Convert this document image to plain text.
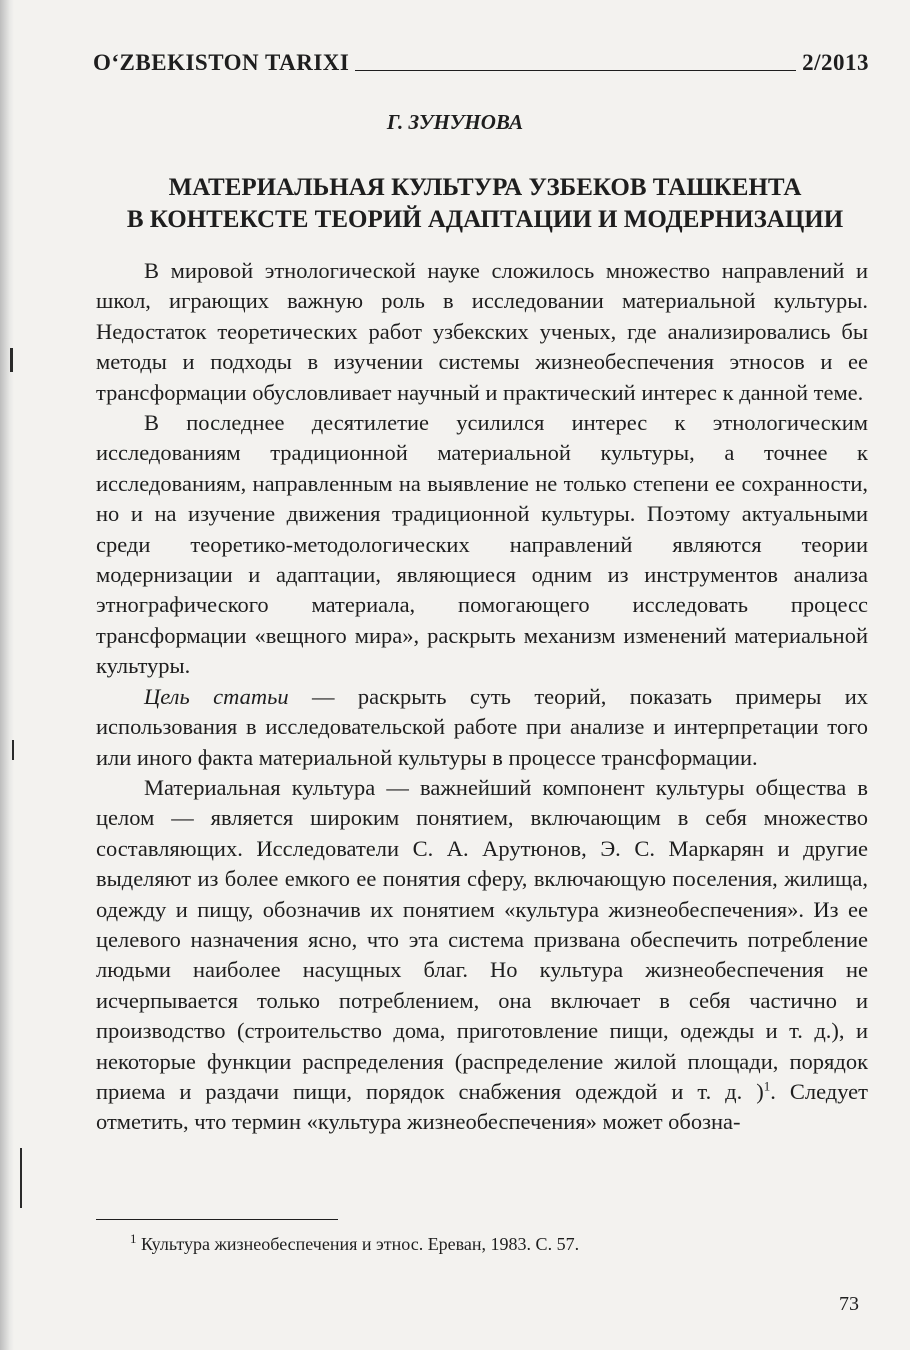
O‘ZBEKISTON TARIXI	2/2013
Г. ЗУНУНОВА
МАТЕРИАЛЬНАЯ КУЛЬТУРА УЗБЕКОВ ТАШКЕНТА
В КОНТЕКСТЕ ТЕОРИЙ АДАПТАЦИИ И МОДЕРНИЗАЦИИ

В мировой этнологической науке сложилось множество направлений и школ, играющих важную роль в исследовании материальной культуры. Недостаток теоретических работ узбекских ученых, где анализировались бы методы и подходы в изучении системы жизнеобеспечения этносов и ее трансформации обусловливает научный и практический интерес к данной теме.

В последнее десятилетие усилился интерес к этнологическим исследованиям традиционной материальной культуры, а точнее к исследованиям, направленным на выявление не только степени ее сохранности, но и на изучение движения традиционной культуры. Поэтому актуальными среди теоретико-методологических направлений являются теории модернизации и адаптации, являющиеся одним из инструментов анализа этнографического материала, помогающего исследовать процесс трансформации «вещного мира», раскрыть механизм изменений материальной культуры.

Цель статьи — раскрыть суть теорий, показать примеры их использования в исследовательской работе при анализе и интерпретации того или иного факта материальной культуры в процессе трансформации.

Материальная культура — важнейший компонент культуры общества в целом — является широким понятием, включающим в себя множество составляющих. Исследователи С. А. Арутюнов, Э. С. Маркарян и другие выделяют из более емкого ее понятия сферу, включающую поселения, жилища, одежду и пищу, обозначив их понятием «культура жизнеобеспечения». Из ее целевого назначения ясно, что эта система призвана обеспечить потребление людьми наиболее насущных благ. Но культура жизнеобеспечения не исчерпывается только потреблением, она включает в себя частично и производство (строительство дома, приготовление пищи, одежды и т. д.), и некоторые функции распределения (распределение жилой площади, порядок приема и раздачи пищи, порядок снабжения одеждой и т. д. )$^1$. Следует отметить, что термин «культура жизнеобеспечения» может обозна-

$^1$ Культура жизнеобеспечения и этнос. Ереван, 1983. С. 57.
73
